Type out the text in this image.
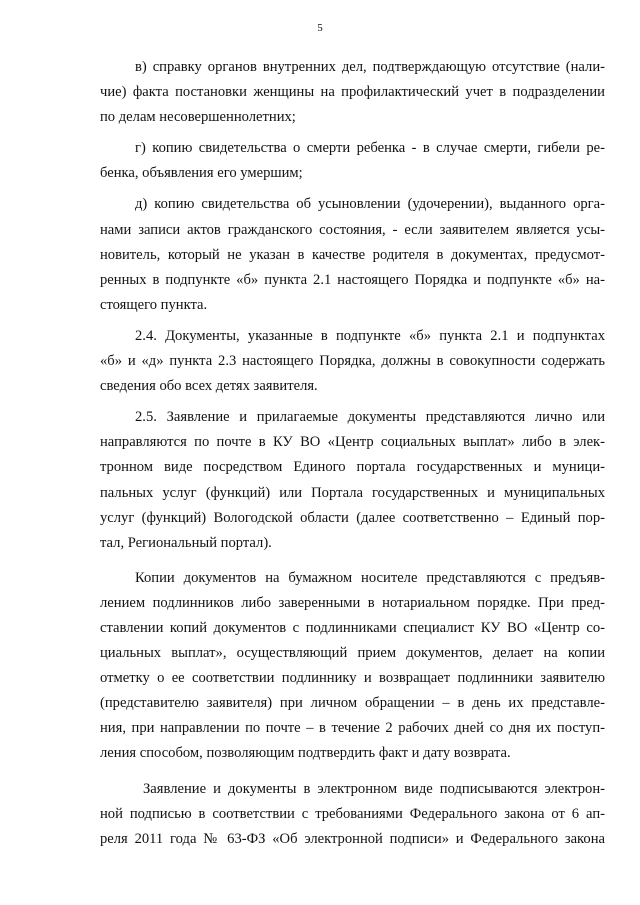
5
в) справку органов внутренних дел, подтверждающую отсутствие (нали-
чие) факта постановки женщины на профилактический учет в подразделении
по делам несовершеннолетних;
г) копию свидетельства о смерти ребенка - в случае смерти, гибели ре-
бенка, объявления его умершим;
д) копию свидетельства об усыновлении (удочерении), выданного орга-
нами записи актов гражданского состояния, - если заявителем является усы-
новитель, который не указан в качестве родителя в документах, предусмот-
ренных в подпункте «б» пункта 2.1 настоящего Порядка и подпункте «б» на-
стоящего пункта.
2.4. Документы, указанные в подпункте «б» пункта 2.1 и подпунктах
«б» и «д» пункта 2.3 настоящего Порядка, должны в совокупности содержать
сведения обо всех детях заявителя.
2.5. Заявление и прилагаемые документы представляются лично или
направляются по почте в КУ ВО «Центр социальных выплат» либо в элек-
тронном виде посредством Единого портала государственных и муници-
пальных услуг (функций) или Портала государственных и муниципальных
услуг (функций) Вологодской области (далее соответственно – Единый пор-
тал, Региональный портал).
Копии документов на бумажном носителе представляются с предъяв-
лением подлинников либо заверенными в нотариальном порядке. При пред-
ставлении копий документов с подлинниками специалист КУ ВО «Центр со-
циальных выплат», осуществляющий прием документов, делает на копии
отметку о ее соответствии подлиннику и возвращает подлинники заявителю
(представителю заявителя) при личном обращении – в день их представле-
ния, при направлении по почте – в течение 2 рабочих дней со дня их поступ-
ления способом, позволяющим подтвердить факт и дату возврата.
Заявление и документы в электронном виде подписываются электрон-
ной подписью в соответствии с требованиями Федерального закона от 6 ап-
реля 2011 года № 63-ФЗ «Об электронной подписи» и Федерального закона
